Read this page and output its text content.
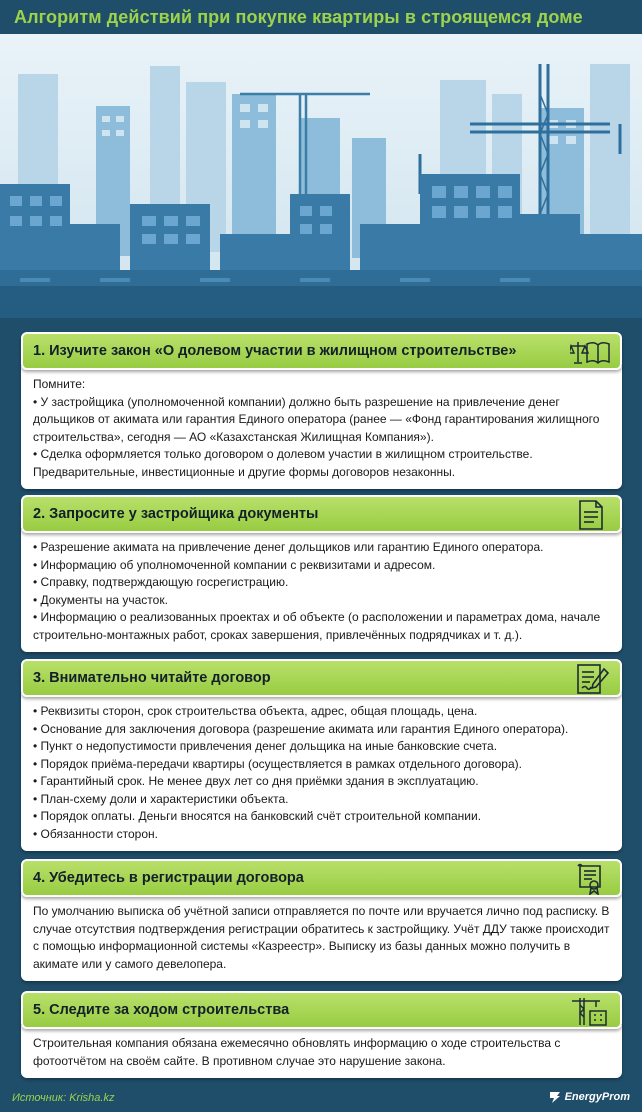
Алгоритм действий при покупке квартиры в строящемся доме
1. Изучите закон «О долевом участии в жилищном строительстве»

Помните:

• У застройщика (уполномоченной компании) должно быть разрешение на привлечение денег дольщиков от акимата или гарантия Единого оператора (ранее — «Фонд гарантирования жилищного строительства», сегодня — АО «Казахстанская Жилищная Компания»).

• Сделка оформляется только договором о долевом участии в жилищном строительстве. Предварительные, инвестиционные и другие формы договоров незаконны.

2. Запросите у застройщика документы

• Разрешение акимата на привлечение денег дольщиков или гарантию Единого оператора.

• Информацию об уполномоченной компании с реквизитами и адресом.

• Справку, подтверждающую госрегистрацию.

• Документы на участок.

• Информацию о реализованных проектах и об объекте (о расположении и параметрах дома, начале строительно-монтажных работ, сроках завершения, привлечённых подрядчиках и т. д.).

3. Внимательно читайте договор

• Реквизиты сторон, срок строительства объекта, адрес, общая площадь, цена.

• Основание для заключения договора (разрешение акимата или гарантия Единого оператора).

• Пункт о недопустимости привлечения денег дольщика на иные банковские счета.

• Порядок приёма-передачи квартиры (осуществляется в рамках отдельного договора).

• Гарантийный срок. Не менее двух лет со дня приёмки здания в эксплуатацию.

• План-схему доли и характеристики объекта.

• Порядок оплаты. Деньги вносятся на банковский счёт строительной компании.

• Обязанности сторон.

4. Убедитесь в регистрации договора

По умолчанию выписка об учётной записи отправляется по почте или вручается лично под расписку. В случае отсутствия подтверждения регистрации обратитесь к застройщику. Учёт ДДУ также происходит с помощью информационной системы «Казреестр». Выписку из базы данных можно получить в акимате или у самого девелопера.

5. Следите за ходом строительства

Строительная компания обязана ежемесячно обновлять информацию о ходе строительства с фотоотчётом на своём сайте. В противном случае это нарушение закона.

Источник: Krisha.kz	EnergyProm
